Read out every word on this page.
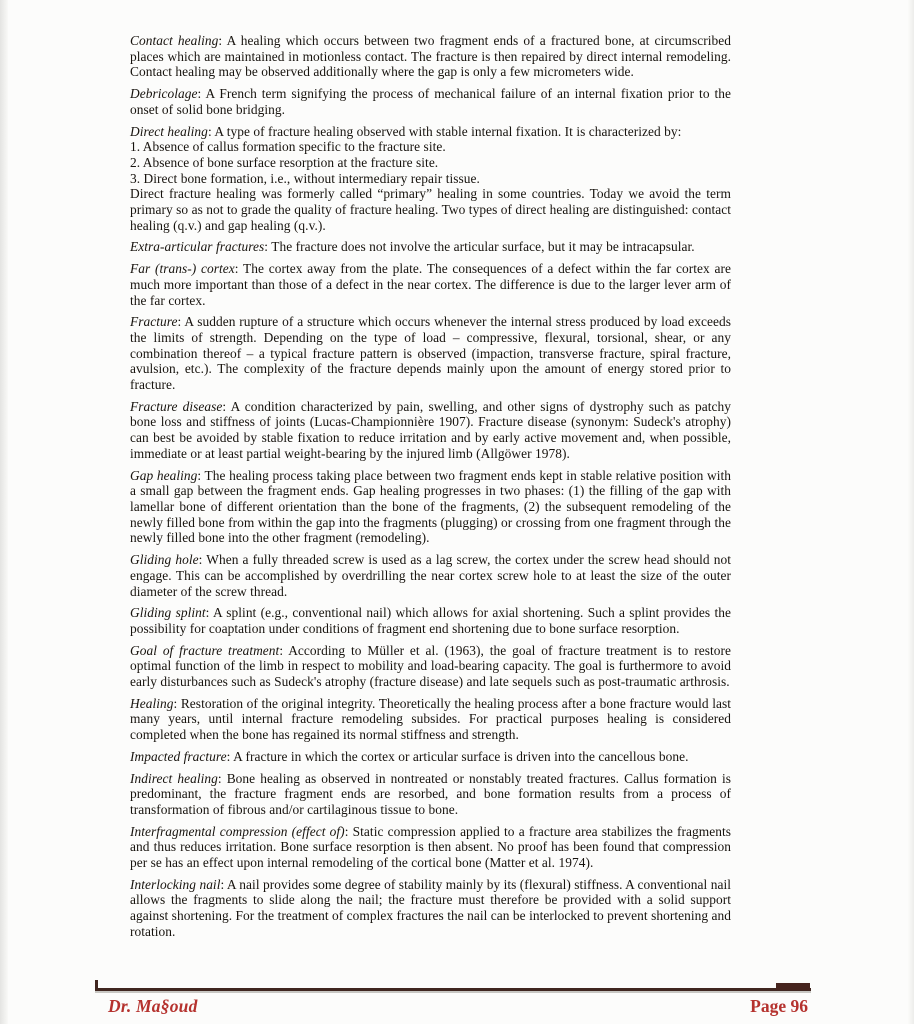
Contact healing: A healing which occurs between two fragment ends of a fractured bone, at circumscribed places which are maintained in motionless contact. The fracture is then repaired by direct internal remodeling. Contact healing may be observed additionally where the gap is only a few micrometers wide.

Debricolage: A French term signifying the process of mechanical failure of an internal fixation prior to the onset of solid bone bridging.

Direct healing: A type of fracture healing observed with stable internal fixation. It is characterized by:
1. Absence of callus formation specific to the fracture site.
2. Absence of bone surface resorption at the fracture site.
3. Direct bone formation, i.e., without intermediary repair tissue.
Direct fracture healing was formerly called “primary” healing in some countries. Today we avoid the term primary so as not to grade the quality of fracture healing. Two types of direct healing are distinguished: contact healing (q.v.) and gap healing (q.v.).

Extra-articular fractures: The fracture does not involve the articular surface, but it may be intracapsular.

Far (trans-) cortex: The cortex away from the plate. The consequences of a defect within the far cortex are much more important than those of a defect in the near cortex. The difference is due to the larger lever arm of the far cortex.

Fracture: A sudden rupture of a structure which occurs whenever the internal stress produced by load exceeds the limits of strength. Depending on the type of load – compressive, flexural, torsional, shear, or any combination thereof – a typical fracture pattern is observed (impaction, transverse fracture, spiral fracture, avulsion, etc.). The complexity of the fracture depends mainly upon the amount of energy stored prior to fracture.

Fracture disease: A condition characterized by pain, swelling, and other signs of dystrophy such as patchy bone loss and stiffness of joints (Lucas-Championnière 1907). Fracture disease (synonym: Sudeck's atrophy) can best be avoided by stable fixation to reduce irritation and by early active movement and, when possible, immediate or at least partial weight-bearing by the injured limb (Allgöwer 1978).

Gap healing: The healing process taking place between two fragment ends kept in stable relative position with a small gap between the fragment ends. Gap healing progresses in two phases: (1) the filling of the gap with lamellar bone of different orientation than the bone of the fragments, (2) the subsequent remodeling of the newly filled bone from within the gap into the fragments (plugging) or crossing from one fragment through the newly filled bone into the other fragment (remodeling).

Gliding hole: When a fully threaded screw is used as a lag screw, the cortex under the screw head should not engage. This can be accomplished by overdrilling the near cortex screw hole to at least the size of the outer diameter of the screw thread.

Gliding splint: A splint (e.g., conventional nail) which allows for axial shortening. Such a splint provides the possibility for coaptation under conditions of fragment end shortening due to bone surface resorption.

Goal of fracture treatment: According to Müller et al. (1963), the goal of fracture treatment is to restore optimal function of the limb in respect to mobility and load-bearing capacity. The goal is furthermore to avoid early disturbances such as Sudeck's atrophy (fracture disease) and late sequels such as post-traumatic arthrosis.

Healing: Restoration of the original integrity. Theoretically the healing process after a bone fracture would last many years, until internal fracture remodeling subsides. For practical purposes healing is considered completed when the bone has regained its normal stiffness and strength.

Impacted fracture: A fracture in which the cortex or articular surface is driven into the cancellous bone.

Indirect healing: Bone healing as observed in nontreated or nonstably treated fractures. Callus formation is predominant, the fracture fragment ends are resorbed, and bone formation results from a process of transformation of fibrous and/or cartilaginous tissue to bone.

Interfragmental compression (effect of): Static compression applied to a fracture area stabilizes the fragments and thus reduces irritation. Bone surface resorption is then absent. No proof has been found that compression per se has an effect upon internal remodeling of the cortical bone (Matter et al. 1974).

Interlocking nail: A nail provides some degree of stability mainly by its (flexural) stiffness. A conventional nail allows the fragments to slide along the nail; the fracture must therefore be provided with a solid support against shortening. For the treatment of complex fractures the nail can be interlocked to prevent shortening and rotation.

Dr. Ma§oud	Page 96
